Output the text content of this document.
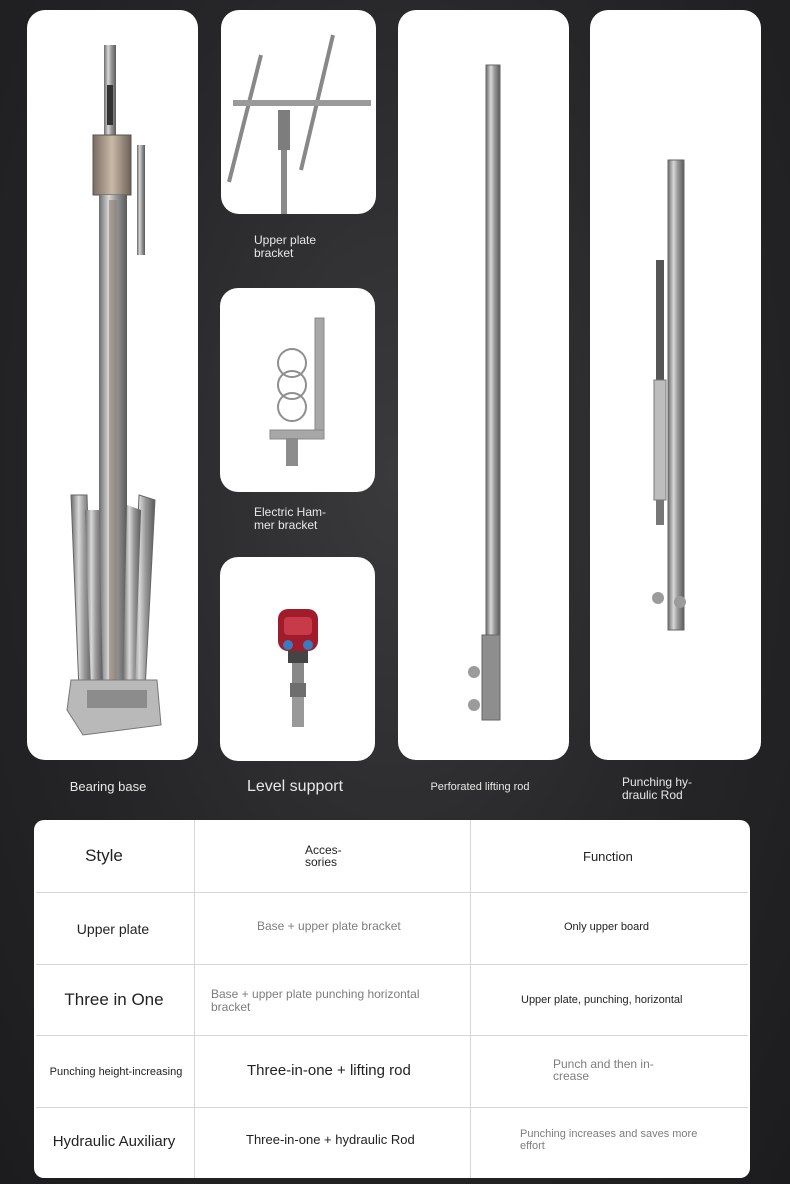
Upper plate
bracket
Electric Ham-
mer bracket
Bearing base	Level support	Perforated lifting rod	Punching hy-
draulic Rod
Style	Acces-
sories	Function
Upper plate	Base + upper plate bracket	Only upper board
Three in One	Base + upper plate punching horizontal bracket	Upper plate, punching, horizontal
Punching height-increasing	Three-in-one + lifting rod	Punch and then in-
crease
Hydraulic Auxiliary	Three-in-one + hydraulic Rod	Punching increases and saves more effort
